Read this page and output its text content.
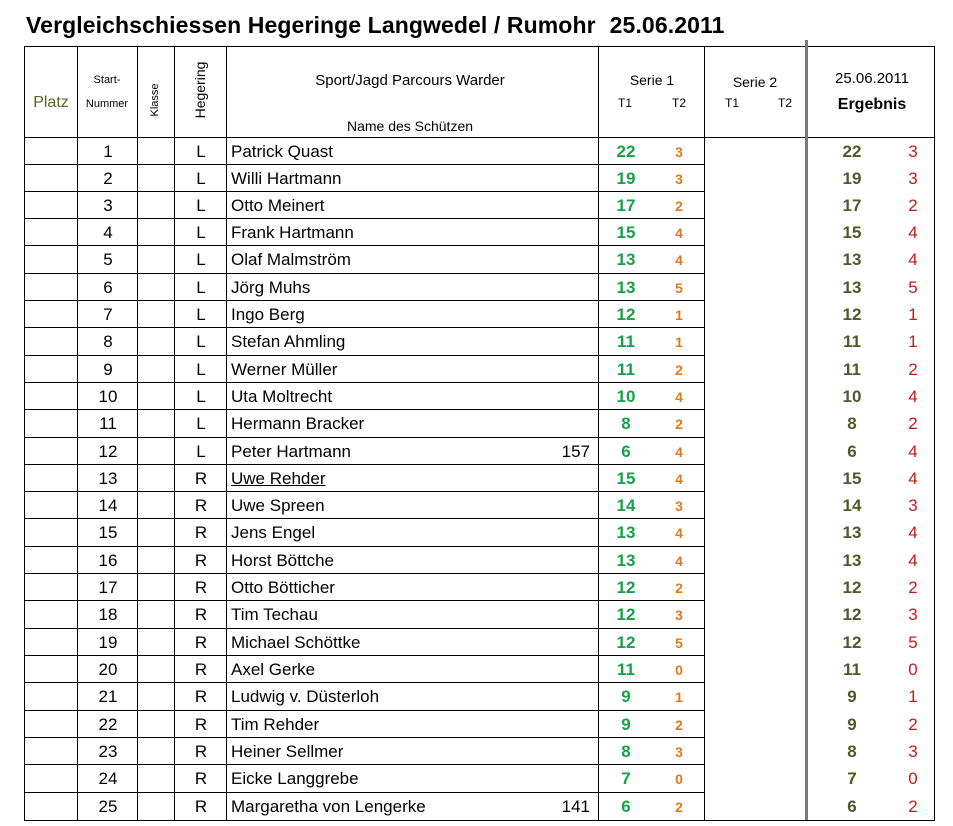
Vergleichschiessen Hegeringe Langwedel / Rumohr 25.06.2011
Platz
Start-
Nummer	Klasse Hegering	Sport/Jagd Parcours Warder
Name des Schützen
Serie 1
T1	T2
Serie 2
T1	T2
25.06.2011
Ergebnis
1	L	Patrick Quast	22	3	22	3
2	L	Willi Hartmann	19	3	19	3
3	L	Otto Meinert	17	2	17	2
4	L	Frank Hartmann	15	4	15	4
5	L	Olaf Malmström	13	4	13	4
6	L	Jörg Muhs	13	5	13	5
7	L	Ingo Berg	12	1	12	1
8	L	Stefan Ahmling	11	1	11	1
9	L	Werner Müller	11	2	11	2
10	L	Uta Moltrecht	10	4	10	4
11	L	Hermann Bracker	8	2	8	2
12	L	Peter Hartmann	157	6	4	6	4
13	R	Uwe Rehder	15	4	15	4
14	R	Uwe Spreen	14	3	14	3
15	R	Jens Engel	13	4	13	4
16	R	Horst Böttche	13	4	13	4
17	R	Otto Bötticher	12	2	12	2
18	R	Tim Techau	12	3	12	3
19	R	Michael Schöttke	12	5	12	5
20	R	Axel Gerke	11	0	11	0
21	R	Ludwig v. Düsterloh	9	1	9	1
22	R	Tim Rehder	9	2	9	2
23	R	Heiner Sellmer	8	3	8	3
24	R	Eicke Langgrebe	7	0	7	0
25	R	Margaretha von Lengerke	141	6	2	6	2
